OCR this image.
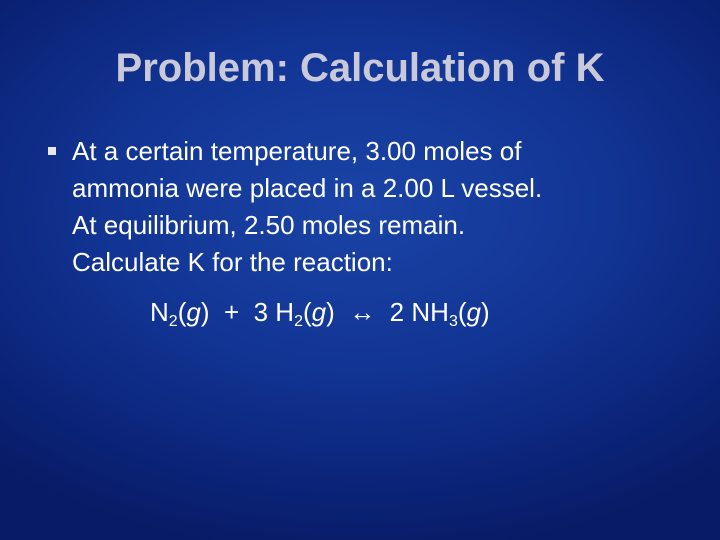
Problem: Calculation of K
At a certain temperature, 3.00 moles of
ammonia were placed in a 2.00 L vessel.
At equilibrium, 2.50 moles remain.
Calculate K for the reaction:
$N_2(g) + 3$ $H_2(g)$  ↔ 2 $NH_3(g)$
